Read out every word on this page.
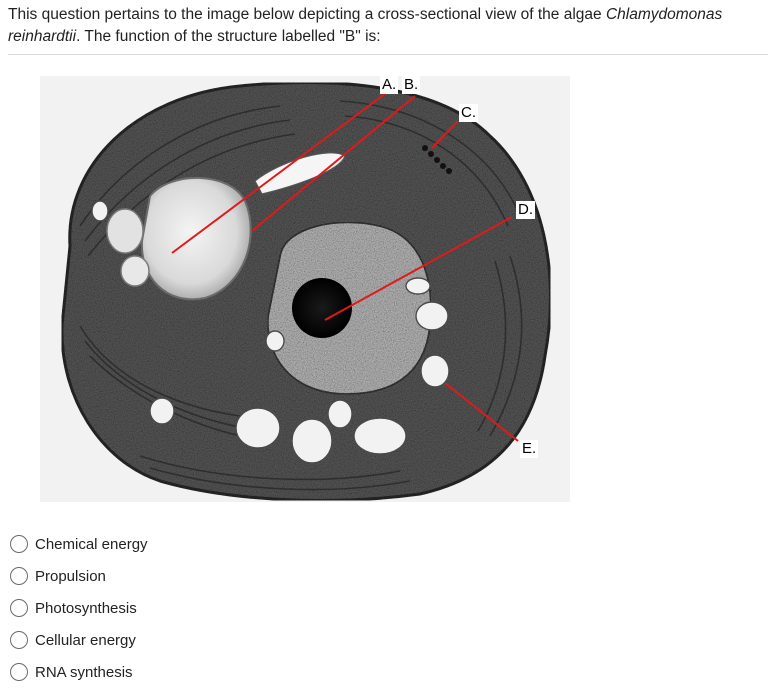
This question pertains to the image below depicting a cross-sectional view of the algae Chlamydomonas reinhardtii. The function of the structure labelled "B" is:
A. B.
C.
D.
E.
Chemical energy
Propulsion
Photosynthesis
Cellular energy
RNA synthesis
